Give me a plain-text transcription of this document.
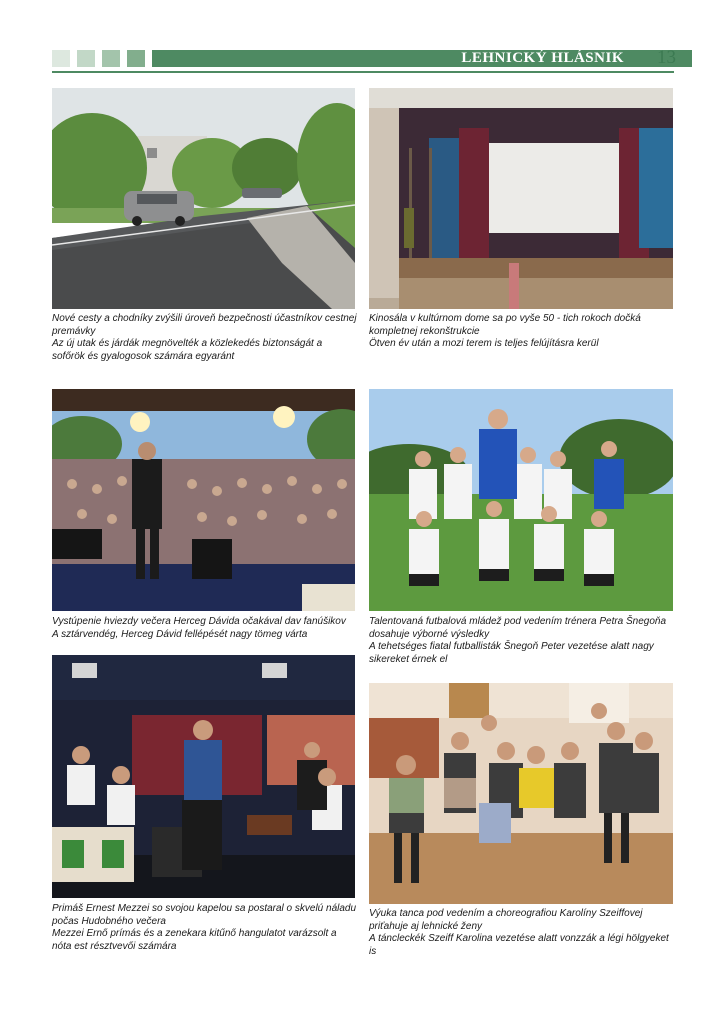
LEHNICKÝ HLÁSNIK 13
Nové cesty a chodníky zvýšili úroveň bezpečnosti účastníkov cestnej premávky
Az új utak és járdák megnövelték a közlekedés biztonságát a sofőrök és gyalogosok számára egyaránt
Kinosála v kultúrnom dome sa po vyše 50 - tich rokoch dočká kompletnej rekonštrukcie
Ötven év után a mozi terem is teljes felújításra kerül
Vystúpenie hviezdy večera Herceg Dávida očakával dav fanúšikov
A sztárvendég, Herceg Dávid fellépését nagy tömeg várta
Talentovaná futbalová mládež pod vedením trénera Petra Šnegoňa dosahuje výborné výsledky
A tehetséges fiatal futballisták Šnegoň Peter vezetése alatt nagy sikereket érnek el
Primáš Ernest Mezzei so svojou kapelou sa postaral o skvelú náladu počas Hudobného večera
Mezzei Ernő prímás és a zenekara kitűnő hangulatot varázsolt a nóta est résztvevői számára
Výuka tanca pod vedením a choreografiou Karolíny Szeiffovej priťahuje aj lehnické ženy
A táncleckék Szeiff Karolina vezetése alatt vonzzák a légi hölgyeket is
